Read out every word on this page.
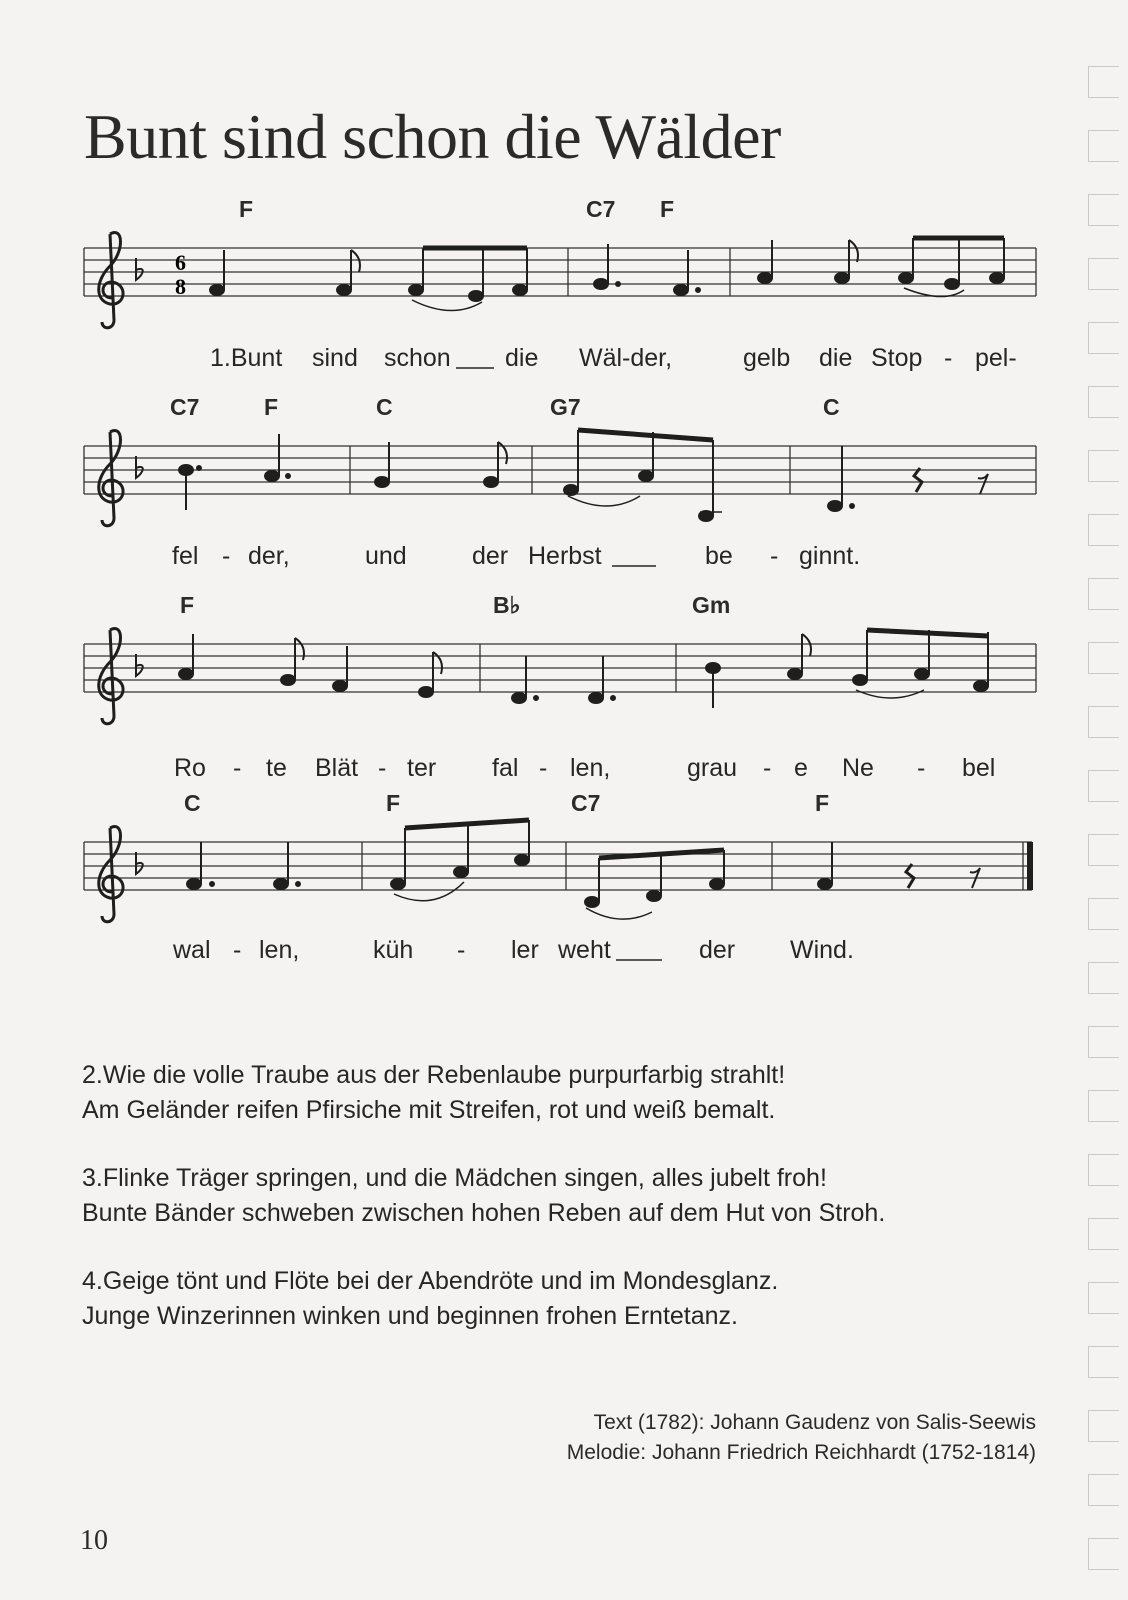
Bunt sind schon die Wälder
6
8
F	C7 F
C7	F	C	G7	C
F	B♭	Gm
C	F	C7	F
1.Bunt sind schon die Wäl-der,	gelb die Stop - pel-
fel - der,	und	der Herbst	be - ginnt.
Ro - te Blät - ter fal - len,	grau - e Ne - bel
wal - len,	küh - ler weht	der Wind.

2.Wie die volle Traube aus der Rebenlaube purpurfarbig strahlt!

Am Geländer reifen Pfirsiche mit Streifen, rot und weiß bemalt.

3.Flinke Träger springen, und die Mädchen singen, alles jubelt froh!

Bunte Bänder schweben zwischen hohen Reben auf dem Hut von Stroh.

4.Geige tönt und Flöte bei der Abendröte und im Mondesglanz.

Junge Winzerinnen winken und beginnen frohen Erntetanz.

Text (1782): Johann Gaudenz von Salis-Seewis

Melodie: Johann Friedrich Reichhardt (1752-1814)

10
